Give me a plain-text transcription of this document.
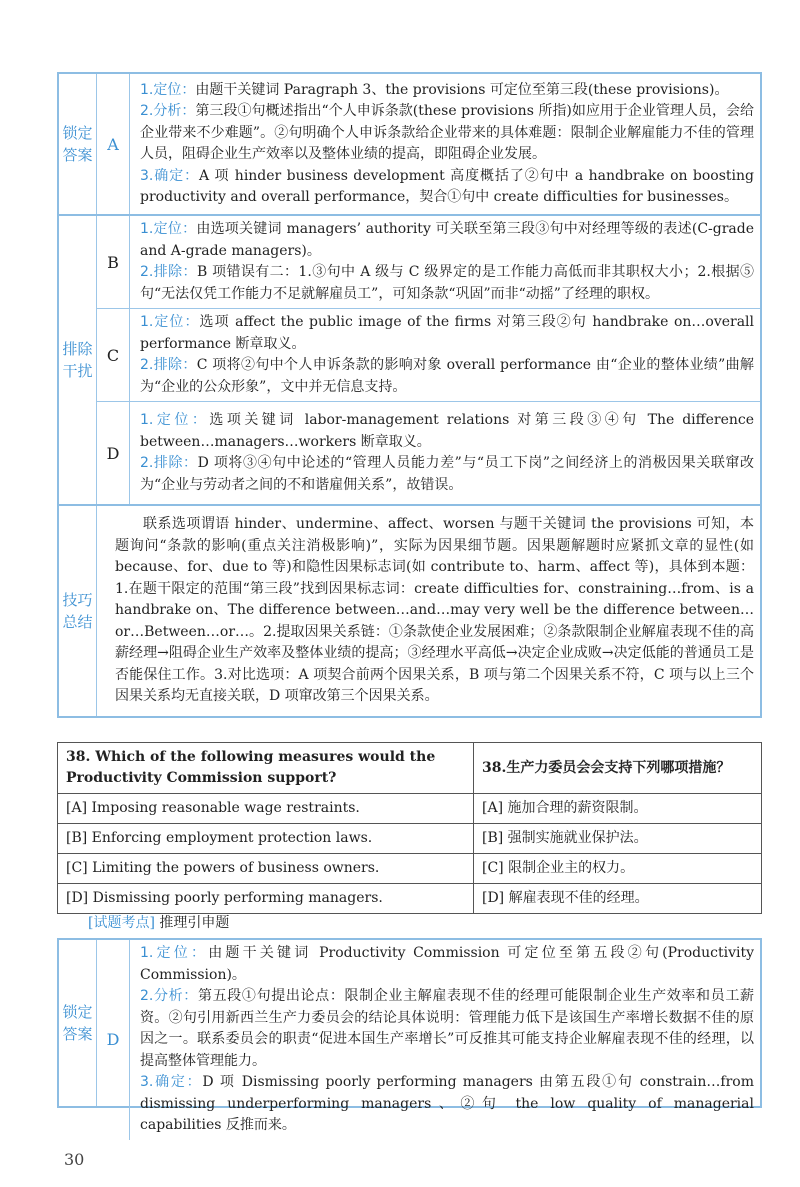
锁定答案
A

1.定位：由题干关键词 Paragraph 3、the provisions 可定位至第三段(these provisions)。

2.分析：第三段①句概述指出“个人申诉条款(these provisions 所指)如应用于企业管理人员，会给企业带来不少难题”。②句明确个人申诉条款给企业带来的具体难题：限制企业解雇能力不佳的管理人员，阻碍企业生产效率以及整体业绩的提高，即阻碍企业发展。

3.确定：A 项 hinder business development 高度概括了②句中 a handbrake on boosting productivity and overall performance，契合①句中 create difficulties for businesses。

排除干扰
B

1.定位：由选项关键词 managers’ authority 可关联至第三段③句中对经理等级的表述(C-grade and A-grade managers)。

2.排除：B 项错误有二：1.③句中 A 级与 C 级界定的是工作能力高低而非其职权大小；2.根据⑤句“无法仅凭工作能力不足就解雇员工”，可知条款“巩固”而非“动摇”了经理的职权。

C

1.定位：选项 affect the public image of the firms 对第三段②句 handbrake on…overall performance 断章取义。

2.排除：C 项将②句中个人申诉条款的影响对象 overall performance 由“企业的整体业绩”曲解为“企业的公众形象”，文中并无信息支持。

D

1.定位：选项关键词 labor-management relations 对第三段③④句 The difference between…managers…workers 断章取义。

2.排除：D 项将③④句中论述的“管理人员能力差”与“员工下岗”之间经济上的消极因果关联窜改为“企业与劳动者之间的不和谐雇佣关系”，故错误。

技巧总结

联系选项谓语 hinder、undermine、affect、worsen 与题干关键词 the provisions 可知，本题询问“条款的影响(重点关注消极影响)”，实际为因果细节题。因果题解题时应紧抓文章的显性(如 because、for、due to 等)和隐性因果标志词(如 contribute to、harm、affect 等)，具体到本题：1.在题干限定的范围“第三段”找到因果标志词：create difficulties for、constraining…from、is a handbrake on、The difference between…and…may very well be the difference between…or…Between…or…。2.提取因果关系链：①条款使企业发展困难；②条款限制企业解雇表现不佳的高薪经理→阻碍企业生产效率及整体业绩的提高；③经理水平高低→决定企业成败→决定低能的普通员工是否能保住工作。3.对比选项：A 项契合前两个因果关系，B 项与第二个因果关系不符，C 项与以上三个因果关系均无直接关联，D 项窜改第三个因果关系。

38. Which of the following measures would the Productivity Commission support?	38.生产力委员会会支持下列哪项措施？
[A] Imposing reasonable wage restraints.	[A] 施加合理的薪资限制。
[B] Enforcing employment protection laws.	[B] 强制实施就业保护法。
[C] Limiting the powers of business owners.	[C] 限制企业主的权力。
[D] Dismissing poorly performing managers.	[D] 解雇表现不佳的经理。
[试题考点] 推理引申题
锁定答案 D

1.定位：由题干关键词 Productivity Commission 可定位至第五段②句(Productivity Commission)。

2.分析：第五段①句提出论点：限制企业主解雇表现不佳的经理可能限制企业生产效率和员工薪资。②句引用新西兰生产力委员会的结论具体说明：管理能力低下是该国生产率增长数据不佳的原因之一。联系委员会的职责“促进本国生产率增长”可反推其可能支持企业解雇表现不佳的经理，以提高整体管理能力。

3.确定：D 项 Dismissing poorly performing managers 由第五段①句 constrain…from dismissing underperforming managers、②句 the low quality of managerial capabilities 反推而来。

30
